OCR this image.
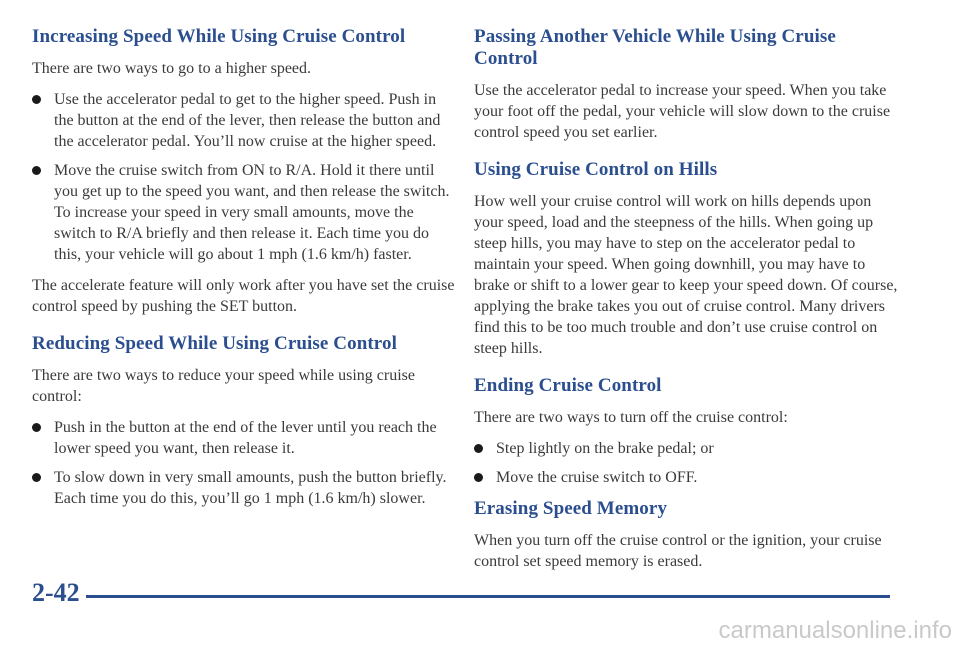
Increasing Speed While Using Cruise Control

There are two ways to go to a higher speed.

Use the accelerator pedal to get to the higher speed. Push in the button at the end of the lever, then release the button and the accelerator pedal. You’ll now cruise at the higher speed.
Move the cruise switch from ON to R/A. Hold it there until you get up to the speed you want, and then release the switch. To increase your speed in very small amounts, move the switch to R/A briefly and then release it. Each time you do this, your vehicle will go about 1 mph (1.6 km/h) faster.

The accelerate feature will only work after you have set the cruise control speed by pushing the SET button.

Reducing Speed While Using Cruise Control

There are two ways to reduce your speed while using cruise control:

Push in the button at the end of the lever until you reach the lower speed you want, then release it.
To slow down in very small amounts, push the button briefly. Each time you do this, you’ll go 1 mph (1.6 km/h) slower.
Passing Another Vehicle While Using Cruise Control

Use the accelerator pedal to increase your speed. When you take your foot off the pedal, your vehicle will slow down to the cruise control speed you set earlier.

Using Cruise Control on Hills

How well your cruise control will work on hills depends upon your speed, load and the steepness of the hills. When going up steep hills, you may have to step on the accelerator pedal to maintain your speed. When going downhill, you may have to brake or shift to a lower gear to keep your speed down. Of course, applying the brake takes you out of cruise control. Many drivers find this to be too much trouble and don’t use cruise control on steep hills.

Ending Cruise Control

There are two ways to turn off the cruise control:

Step lightly on the brake pedal; or
Move the cruise switch to OFF.
Erasing Speed Memory

When you turn off the cruise control or the ignition, your cruise control set speed memory is erased.

2-42
carmanualsonline.info
